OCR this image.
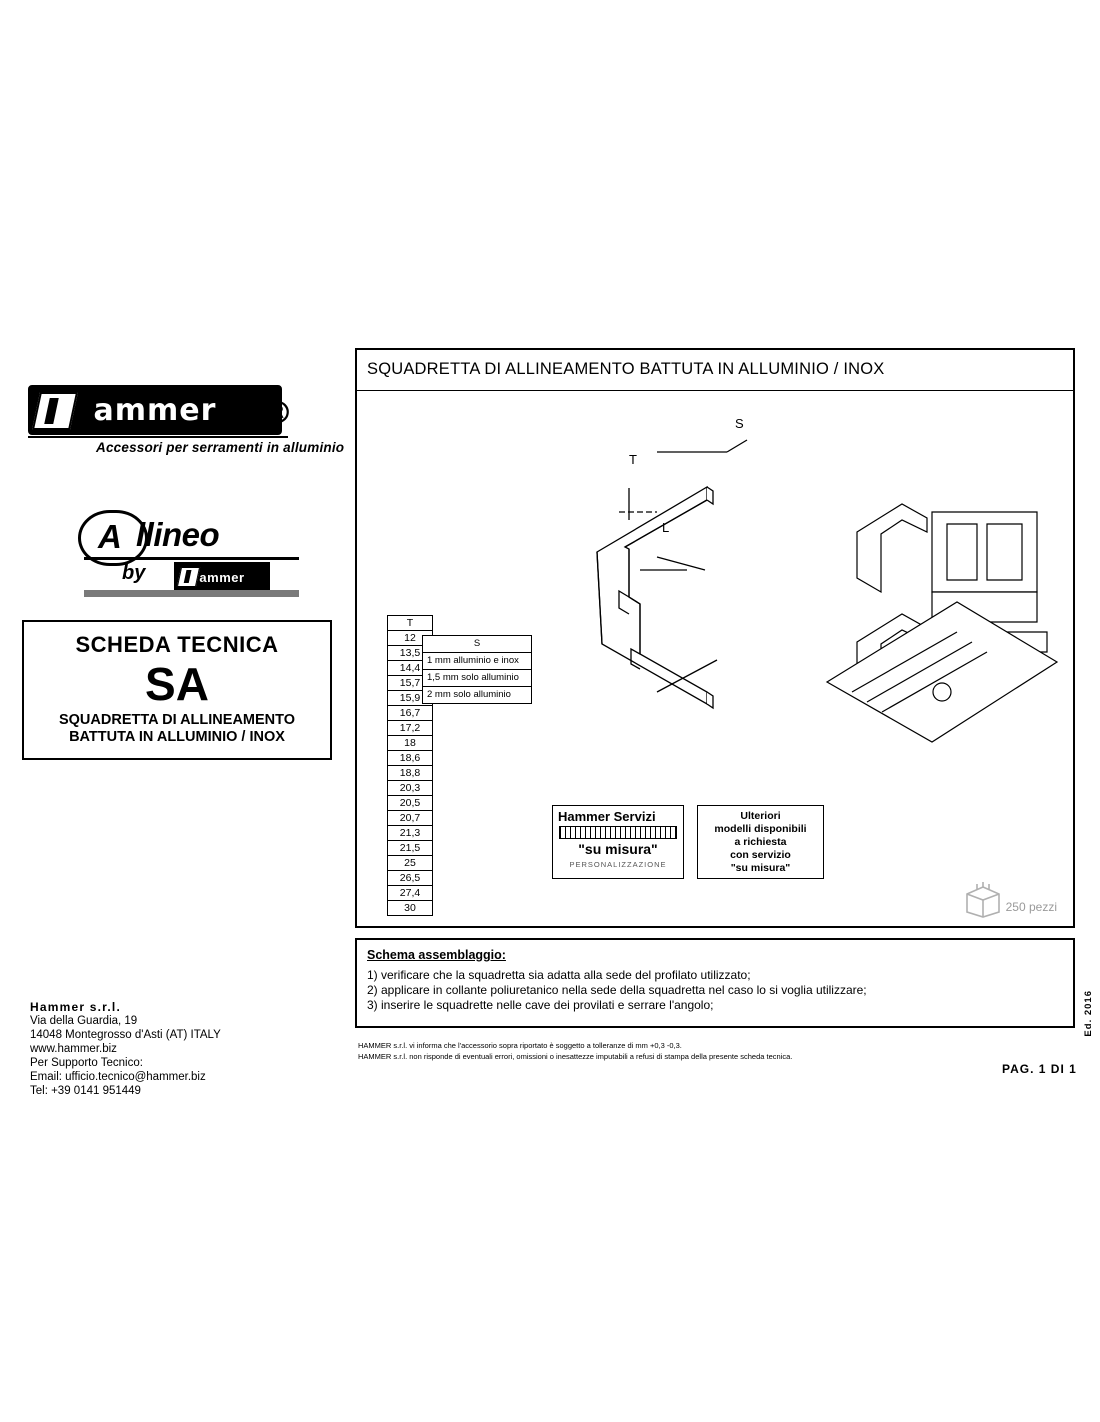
ammer ®
Accessori per serramenti in alluminio
A llineo
by	ammer
SCHEDA TECNICA
SA
SQUADRETTA DI ALLINEAMENTO
BATTUTA IN ALLUMINIO / INOX
Hammer s.r.l.
Via della Guardia, 19
14048 Montegrosso d'Asti (AT) ITALY
www.hammer.biz
Per Supporto Tecnico:
Email: ufficio.tecnico@hammer.biz
Tel: +39 0141 951449
SQUADRETTA DI ALLINEAMENTO BATTUTA IN ALLUMINIO / INOX
S
T
L
T
12
13,5
14,4
15,7
15,9
16,7
17,2
18
18,6
18,8
20,3
20,5
20,7
21,3
21,5
25
26,5
27,4
30
S
1 mm alluminio e inox
1,5 mm solo alluminio
2 mm solo alluminio
Hammer Servizi
"su misura"
PERSONALIZZAZIONE
Ulteriori
modelli disponibili
a richiesta
con servizio
"su misura"
250 pezzi
Schema assemblaggio:
1) verificare che la squadretta sia adatta alla sede del profilato utilizzato;
2) applicare in collante poliuretanico nella sede della squadretta nel caso lo si voglia utilizzare;
3) inserire le squadrette nelle cave dei provilati e serrare l'angolo;
HAMMER s.r.l. vi informa che l'accessorio sopra riportato è soggetto a tolleranze di mm +0,3 -0,3.
HAMMER s.r.l. non risponde di eventuali errori, omissioni o inesattezze imputabili a refusi di stampa della presente scheda tecnica.
PAG. 1 DI 1
Ed. 2016
